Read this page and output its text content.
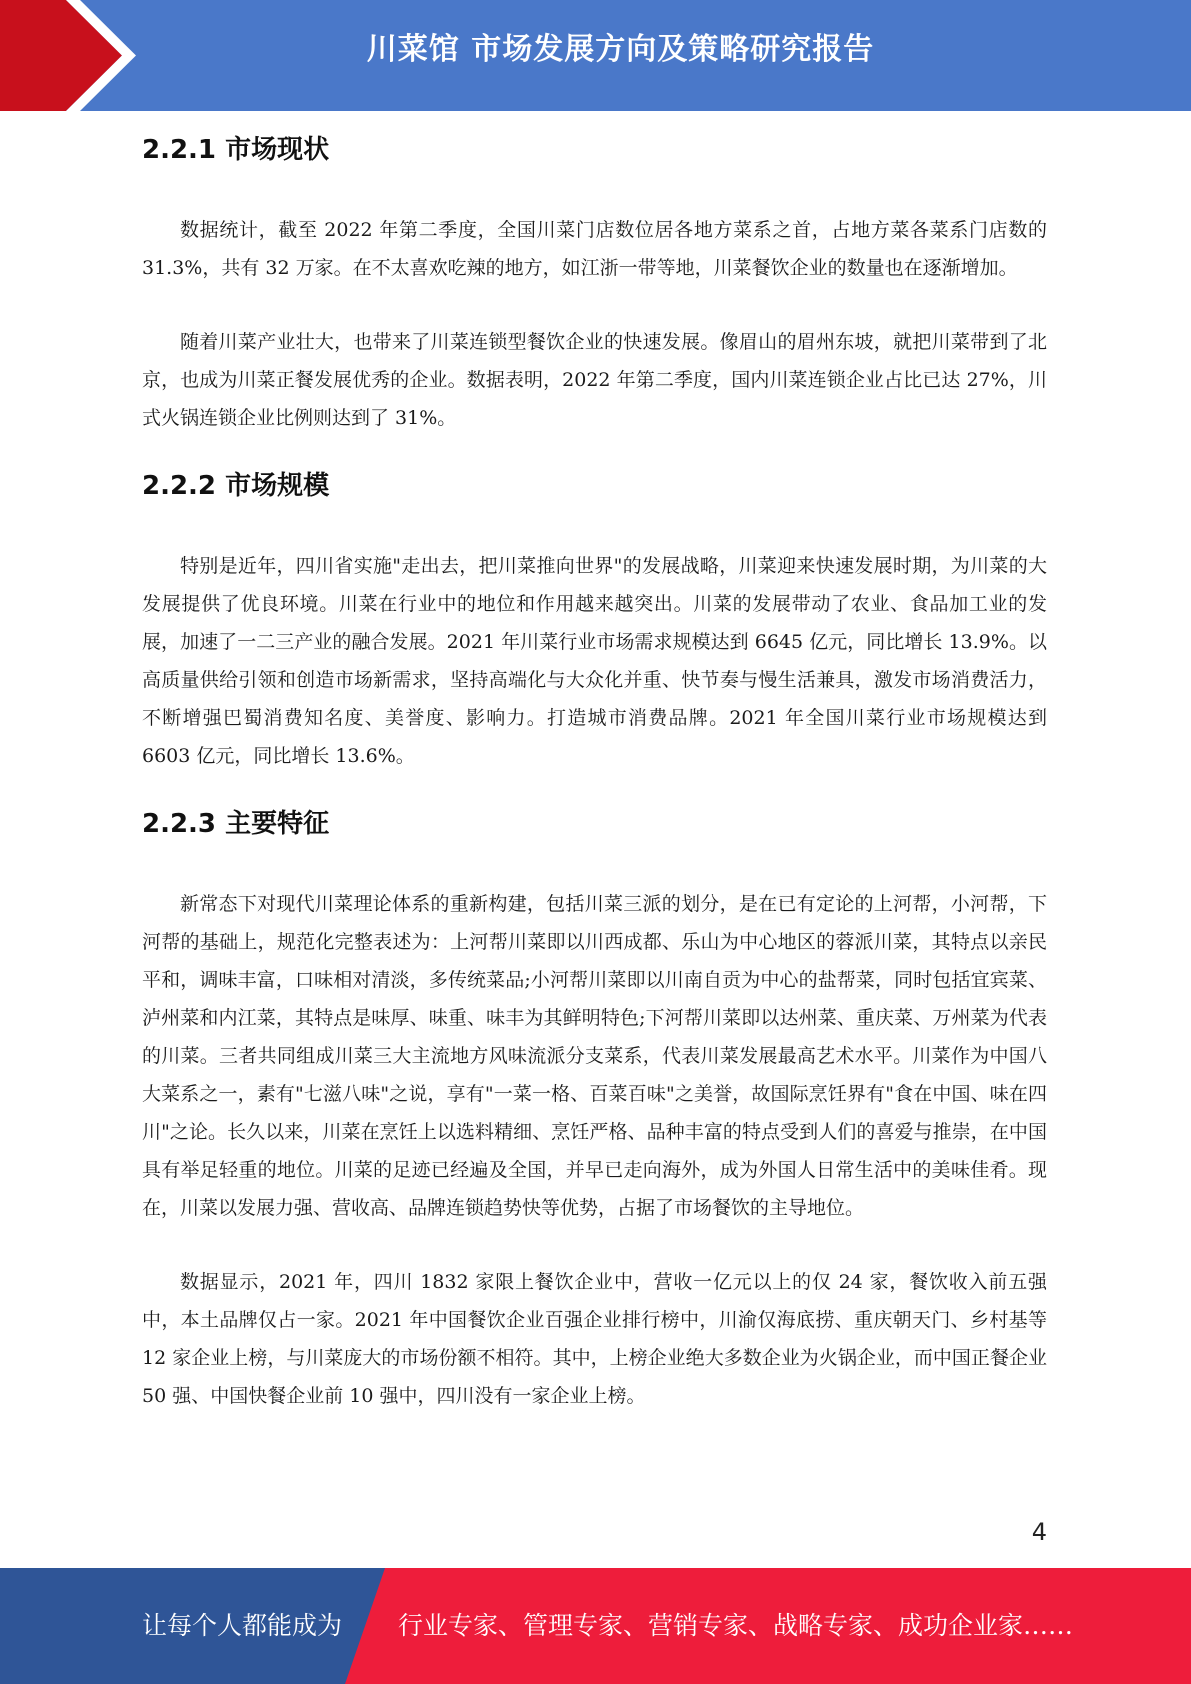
川菜馆 市场发展方向及策略研究报告
2.2.1 市场现状

数据统计，截至 2022 年第二季度，全国川菜门店数位居各地方菜系之首，占地方菜各菜系门店数的 31.3%，共有 32 万家。在不太喜欢吃辣的地方，如江浙一带等地，川菜餐饮企业的数量也在逐渐增加。

随着川菜产业壮大，也带来了川菜连锁型餐饮企业的快速发展。像眉山的眉州东坡，就把川菜带到了北京，也成为川菜正餐发展优秀的企业。数据表明，2022 年第二季度，国内川菜连锁企业占比已达 27%，川式火锅连锁企业比例则达到了 31%。

2.2.2 市场规模

特别是近年，四川省实施"走出去，把川菜推向世界"的发展战略，川菜迎来快速发展时期，为川菜的大发展提供了优良环境。川菜在行业中的地位和作用越来越突出。川菜的发展带动了农业、食品加工业的发展，加速了一二三产业的融合发展。2021 年川菜行业市场需求规模达到 6645 亿元，同比增长 13.9%。以高质量供给引领和创造市场新需求，坚持高端化与大众化并重、快节奏与慢生活兼具，激发市场消费活力，不断增强巴蜀消费知名度、美誉度、影响力。打造城市消费品牌。2021 年全国川菜行业市场规模达到 6603 亿元，同比增长 13.6%。

2.2.3 主要特征

新常态下对现代川菜理论体系的重新构建，包括川菜三派的划分，是在已有定论的上河帮，小河帮，下河帮的基础上，规范化完整表述为：上河帮川菜即以川西成都、乐山为中心地区的蓉派川菜，其特点以亲民平和，调味丰富，口味相对清淡，多传统菜品;小河帮川菜即以川南自贡为中心的盐帮菜，同时包括宜宾菜、泸州菜和内江菜，其特点是味厚、味重、味丰为其鲜明特色;下河帮川菜即以达州菜、重庆菜、万州菜为代表的川菜。三者共同组成川菜三大主流地方风味流派分支菜系，代表川菜发展最高艺术水平。川菜作为中国八大菜系之一，素有"七滋八味"之说，享有"一菜一格、百菜百味"之美誉，故国际烹饪界有"食在中国、味在四川"之论。长久以来，川菜在烹饪上以选料精细、烹饪严格、品种丰富的特点受到人们的喜爱与推崇，在中国具有举足轻重的地位。川菜的足迹已经遍及全国，并早已走向海外，成为外国人日常生活中的美味佳肴。现在，川菜以发展力强、营收高、品牌连锁趋势快等优势，占据了市场餐饮的主导地位。

数据显示，2021 年，四川 1832 家限上餐饮企业中，营收一亿元以上的仅 24 家，餐饮收入前五强中，本土品牌仅占一家。2021 年中国餐饮企业百强企业排行榜中，川渝仅海底捞、重庆朝天门、乡村基等 12 家企业上榜，与川菜庞大的市场份额不相符。其中，上榜企业绝大多数企业为火锅企业，而中国正餐企业 50 强、中国快餐企业前 10 强中，四川没有一家企业上榜。

4
让每个人都能成为 行业专家、管理专家、营销专家、战略专家、成功企业家……
